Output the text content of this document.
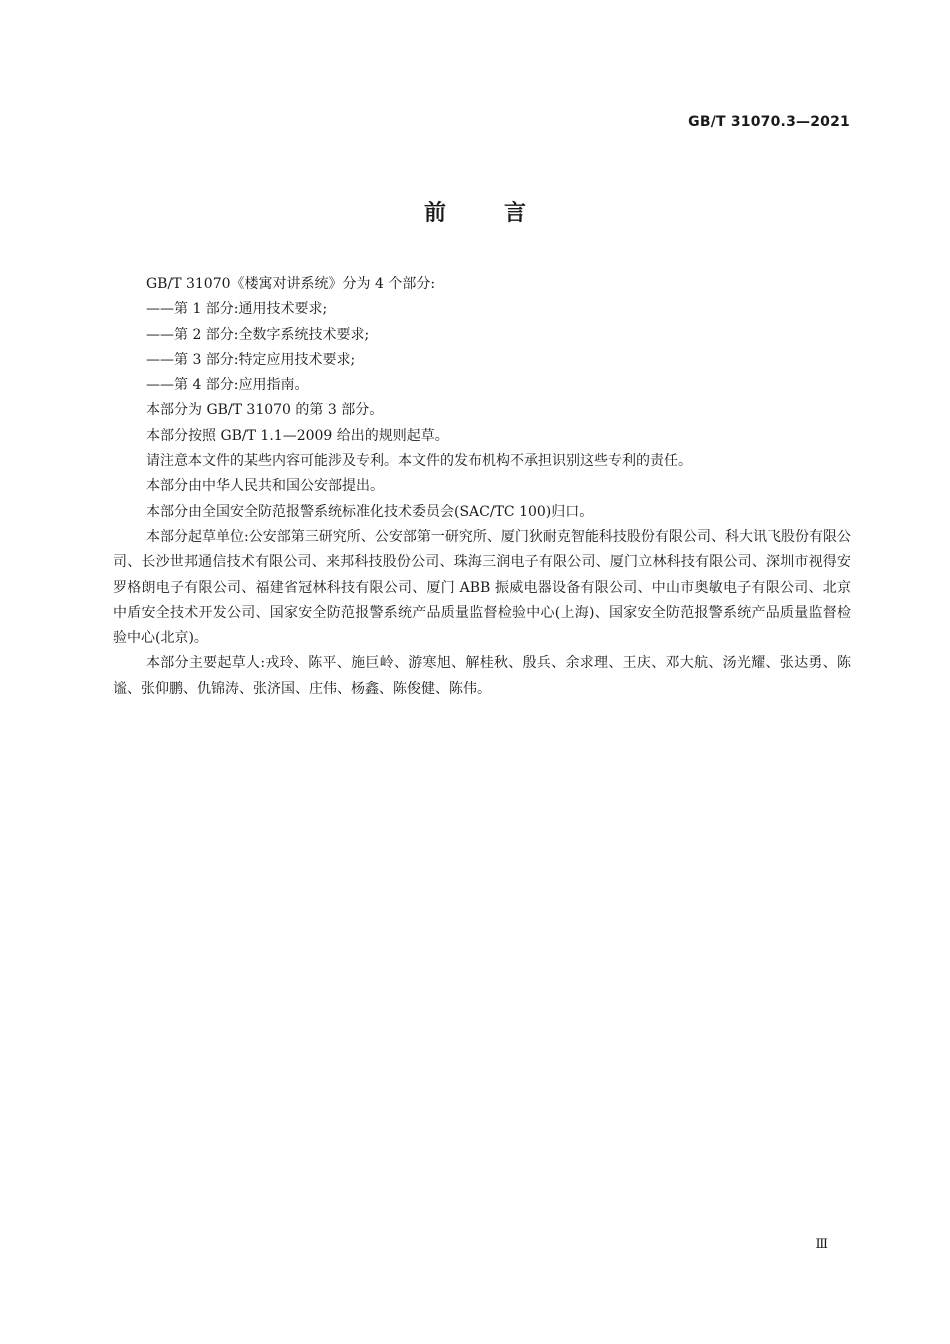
GB/T 31070.3—2021
前	言

GB/T 31070《楼寓对讲系统》分为 4 个部分:

——第 1 部分:通用技术要求;

——第 2 部分:全数字系统技术要求;

——第 3 部分:特定应用技术要求;

——第 4 部分:应用指南。

本部分为 GB/T 31070 的第 3 部分。

本部分按照 GB/T 1.1—2009 给出的规则起草。

请注意本文件的某些内容可能涉及专利。本文件的发布机构不承担识别这些专利的责任。

本部分由中华人民共和国公安部提出。

本部分由全国安全防范报警系统标准化技术委员会(SAC/TC 100)归口。

本部分起草单位:公安部第三研究所、公安部第一研究所、厦门狄耐克智能科技股份有限公司、科大讯飞股份有限公司、长沙世邦通信技术有限公司、来邦科技股份公司、珠海三润电子有限公司、厦门立林科技有限公司、深圳市视得安罗格朗电子有限公司、福建省冠林科技有限公司、厦门 ABB 振威电器设备有限公司、中山市奥敏电子有限公司、北京中盾安全技术开发公司、国家安全防范报警系统产品质量监督检验中心(上海)、国家安全防范报警系统产品质量监督检验中心(北京)。

本部分主要起草人:戎玲、陈平、施巨岭、游寒旭、解桂秋、殷兵、余求理、王庆、邓大航、汤光耀、张达勇、陈谧、张仰鹏、仇锦涛、张济国、庄伟、杨鑫、陈俊健、陈伟。

Ⅲ
